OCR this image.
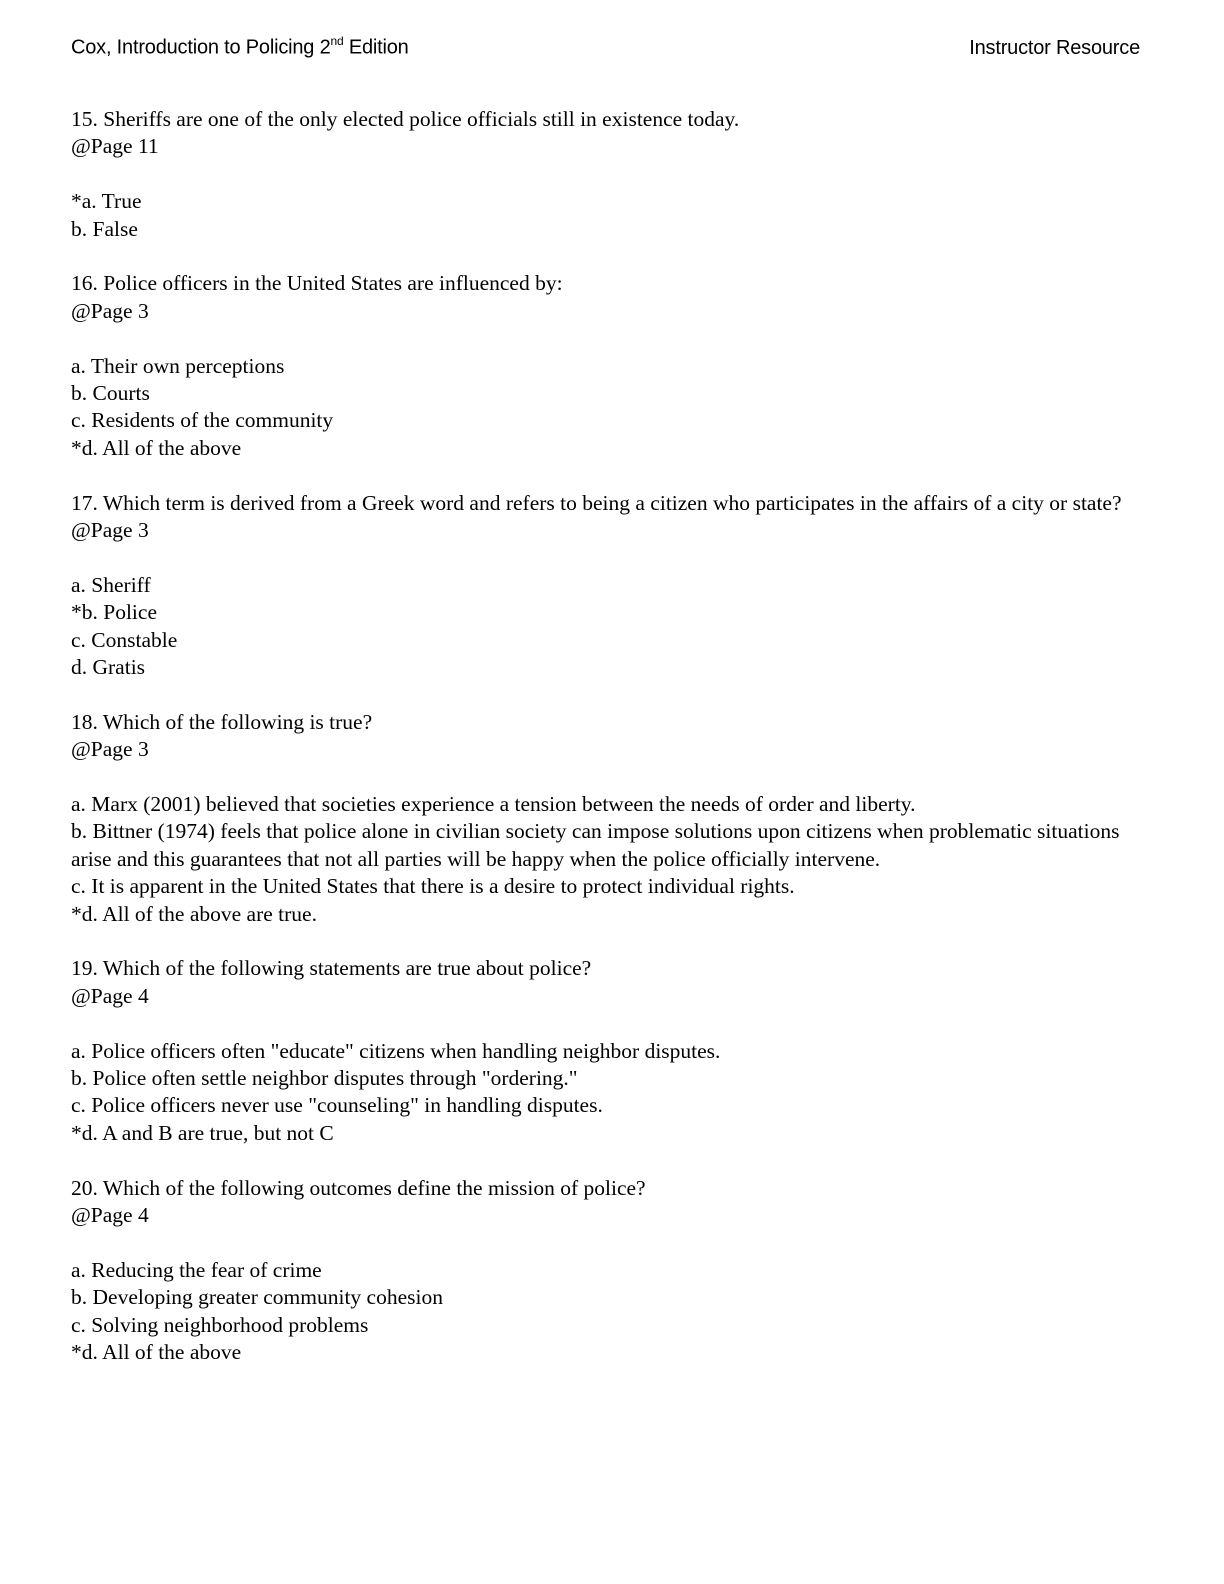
Cox, Introduction to Policing 2nd Edition	Instructor Resource
15. Sheriffs are one of the only elected police officials still in existence today.
@Page 11
*a. True
b. False
16. Police officers in the United States are influenced by:
@Page 3
a. Their own perceptions
b. Courts
c. Residents of the community
*d. All of the above
17. Which term is derived from a Greek word and refers to being a citizen who participates in the affairs of a city or state?
@Page 3
a. Sheriff
*b. Police
c. Constable
d. Gratis
18. Which of the following is true?
@Page 3
a. Marx (2001) believed that societies experience a tension between the needs of order and liberty.
b. Bittner (1974) feels that police alone in civilian society can impose solutions upon citizens when problematic situations arise and this guarantees that not all parties will be happy when the police officially intervene.
c. It is apparent in the United States that there is a desire to protect individual rights.
*d. All of the above are true.
19. Which of the following statements are true about police?
@Page 4
a. Police officers often "educate" citizens when handling neighbor disputes.
b. Police often settle neighbor disputes through "ordering."
c. Police officers never use "counseling" in handling disputes.
*d. A and B are true, but not C
20. Which of the following outcomes define the mission of police?
@Page 4
a. Reducing the fear of crime
b. Developing greater community cohesion
c. Solving neighborhood problems
*d. All of the above
